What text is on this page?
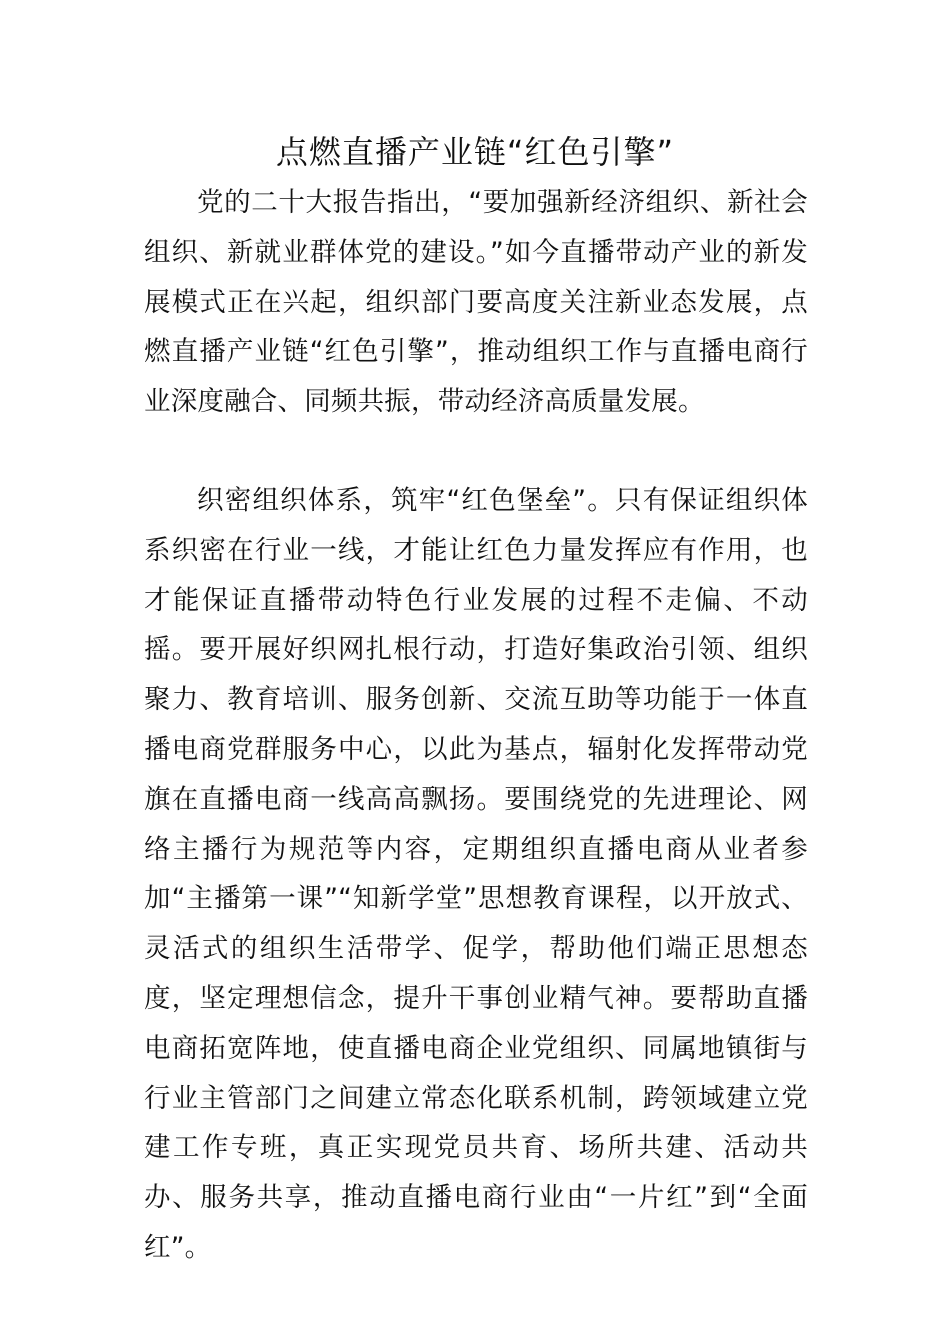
点燃直播产业链“红色引擎”

党的二十大报告指出，“要加强新经济组织、新社会组织、新就业群体党的建设。”如今直播带动产业的新发展模式正在兴起，组织部门要高度关注新业态发展，点燃直播产业链“红色引擎”，推动组织工作与直播电商行业深度融合、同频共振，带动经济高质量发展。

织密组织体系，筑牢“红色堡垒”。只有保证组织体系织密在行业一线，才能让红色力量发挥应有作用，也才能保证直播带动特色行业发展的过程不走偏、不动摇。要开展好织网扎根行动，打造好集政治引领、组织聚力、教育培训、服务创新、交流互助等功能于一体直播电商党群服务中心，以此为基点，辐射化发挥带动党旗在直播电商一线高高飘扬。要围绕党的先进理论、网络主播行为规范等内容，定期组织直播电商从业者参加“主播第一课”“知新学堂”思想教育课程，以开放式、灵活式的组织生活带学、促学，帮助他们端正思想态度，坚定理想信念，提升干事创业精气神。要帮助直播电商拓宽阵地，使直播电商企业党组织、同属地镇街与行业主管部门之间建立常态化联系机制，跨领域建立党建工作专班，真正实现党员共育、场所共建、活动共办、服务共享，推动直播电商行业由“一片红”到“全面红”。
